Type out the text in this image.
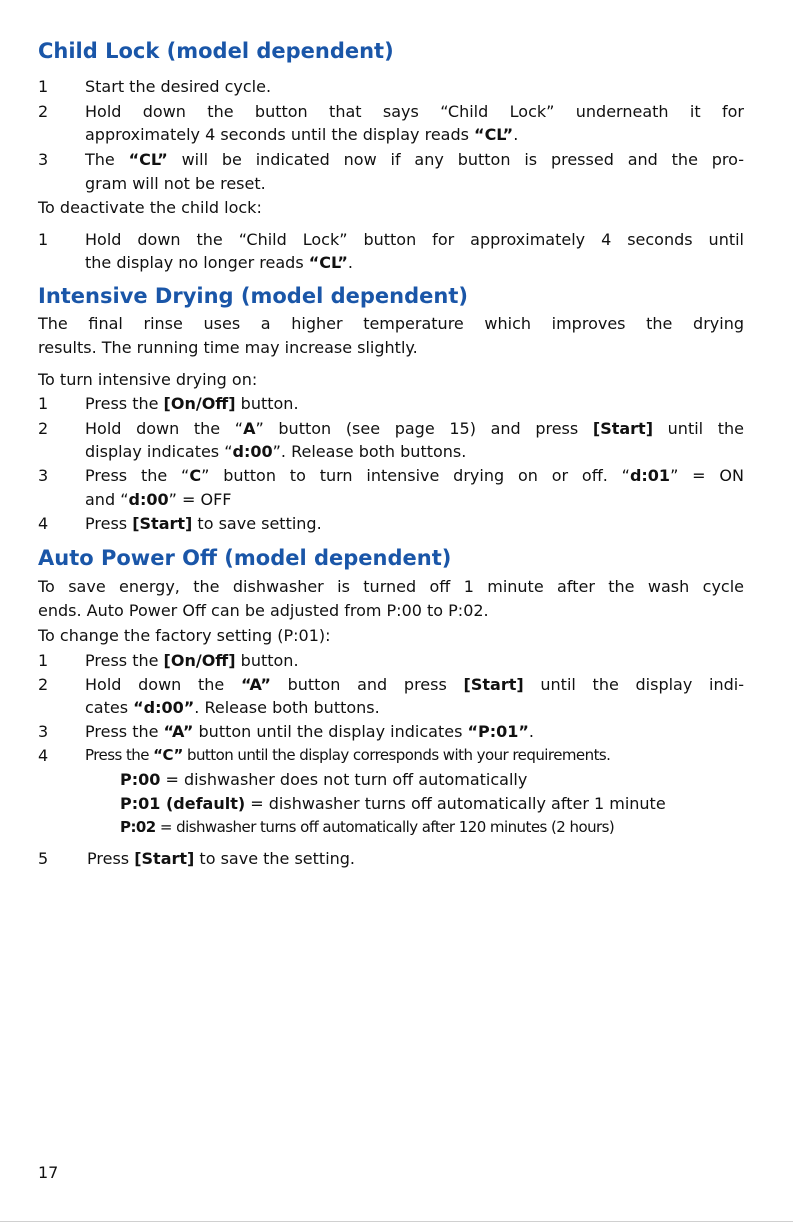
Child Lock (model dependent)
1 Start the desired cycle.
2 Hold down the button that says “Child Lock” underneath it for
approximately 4 seconds until the display reads “CL”.
3 The “CL” will be indicated now if any button is pressed and the pro-
gram will not be reset.
To deactivate the child lock:
1 Hold down the “Child Lock” button for approximately 4 seconds until
the display no longer reads “CL”.
Intensive Drying (model dependent)
The final rinse uses a higher temperature which improves the drying
results. The running time may increase slightly.
To turn intensive drying on:
1 Press the [On/Off] button.
2 Hold down the “A” button (see page 15) and press [Start] until the
display indicates “d:00”. Release both buttons.
3 Press the “C” button to turn intensive drying on or off. “d:01” = ON
and “d:00” = OFF
4 Press [Start] to save setting.
Auto Power Off (model dependent)
To save energy, the dishwasher is turned off 1 minute after the wash cycle
ends. Auto Power Off can be adjusted from P:00 to P:02.
To change the factory setting (P:01):
1 Press the [On/Off] button.
2 Hold down the “A” button and press [Start] until the display indi-
cates “d:00”. Release both buttons.
3 Press the “A” button until the display indicates “P:01”.
4 Press the “C” button until the display corresponds with your requirements.
P:00 = dishwasher does not turn off automatically
P:01 (default) = dishwasher turns off automatically after 1 minute
P:02 = dishwasher turns off automatically after 120 minutes (2 hours)
5 Press [Start] to save the setting.
17
